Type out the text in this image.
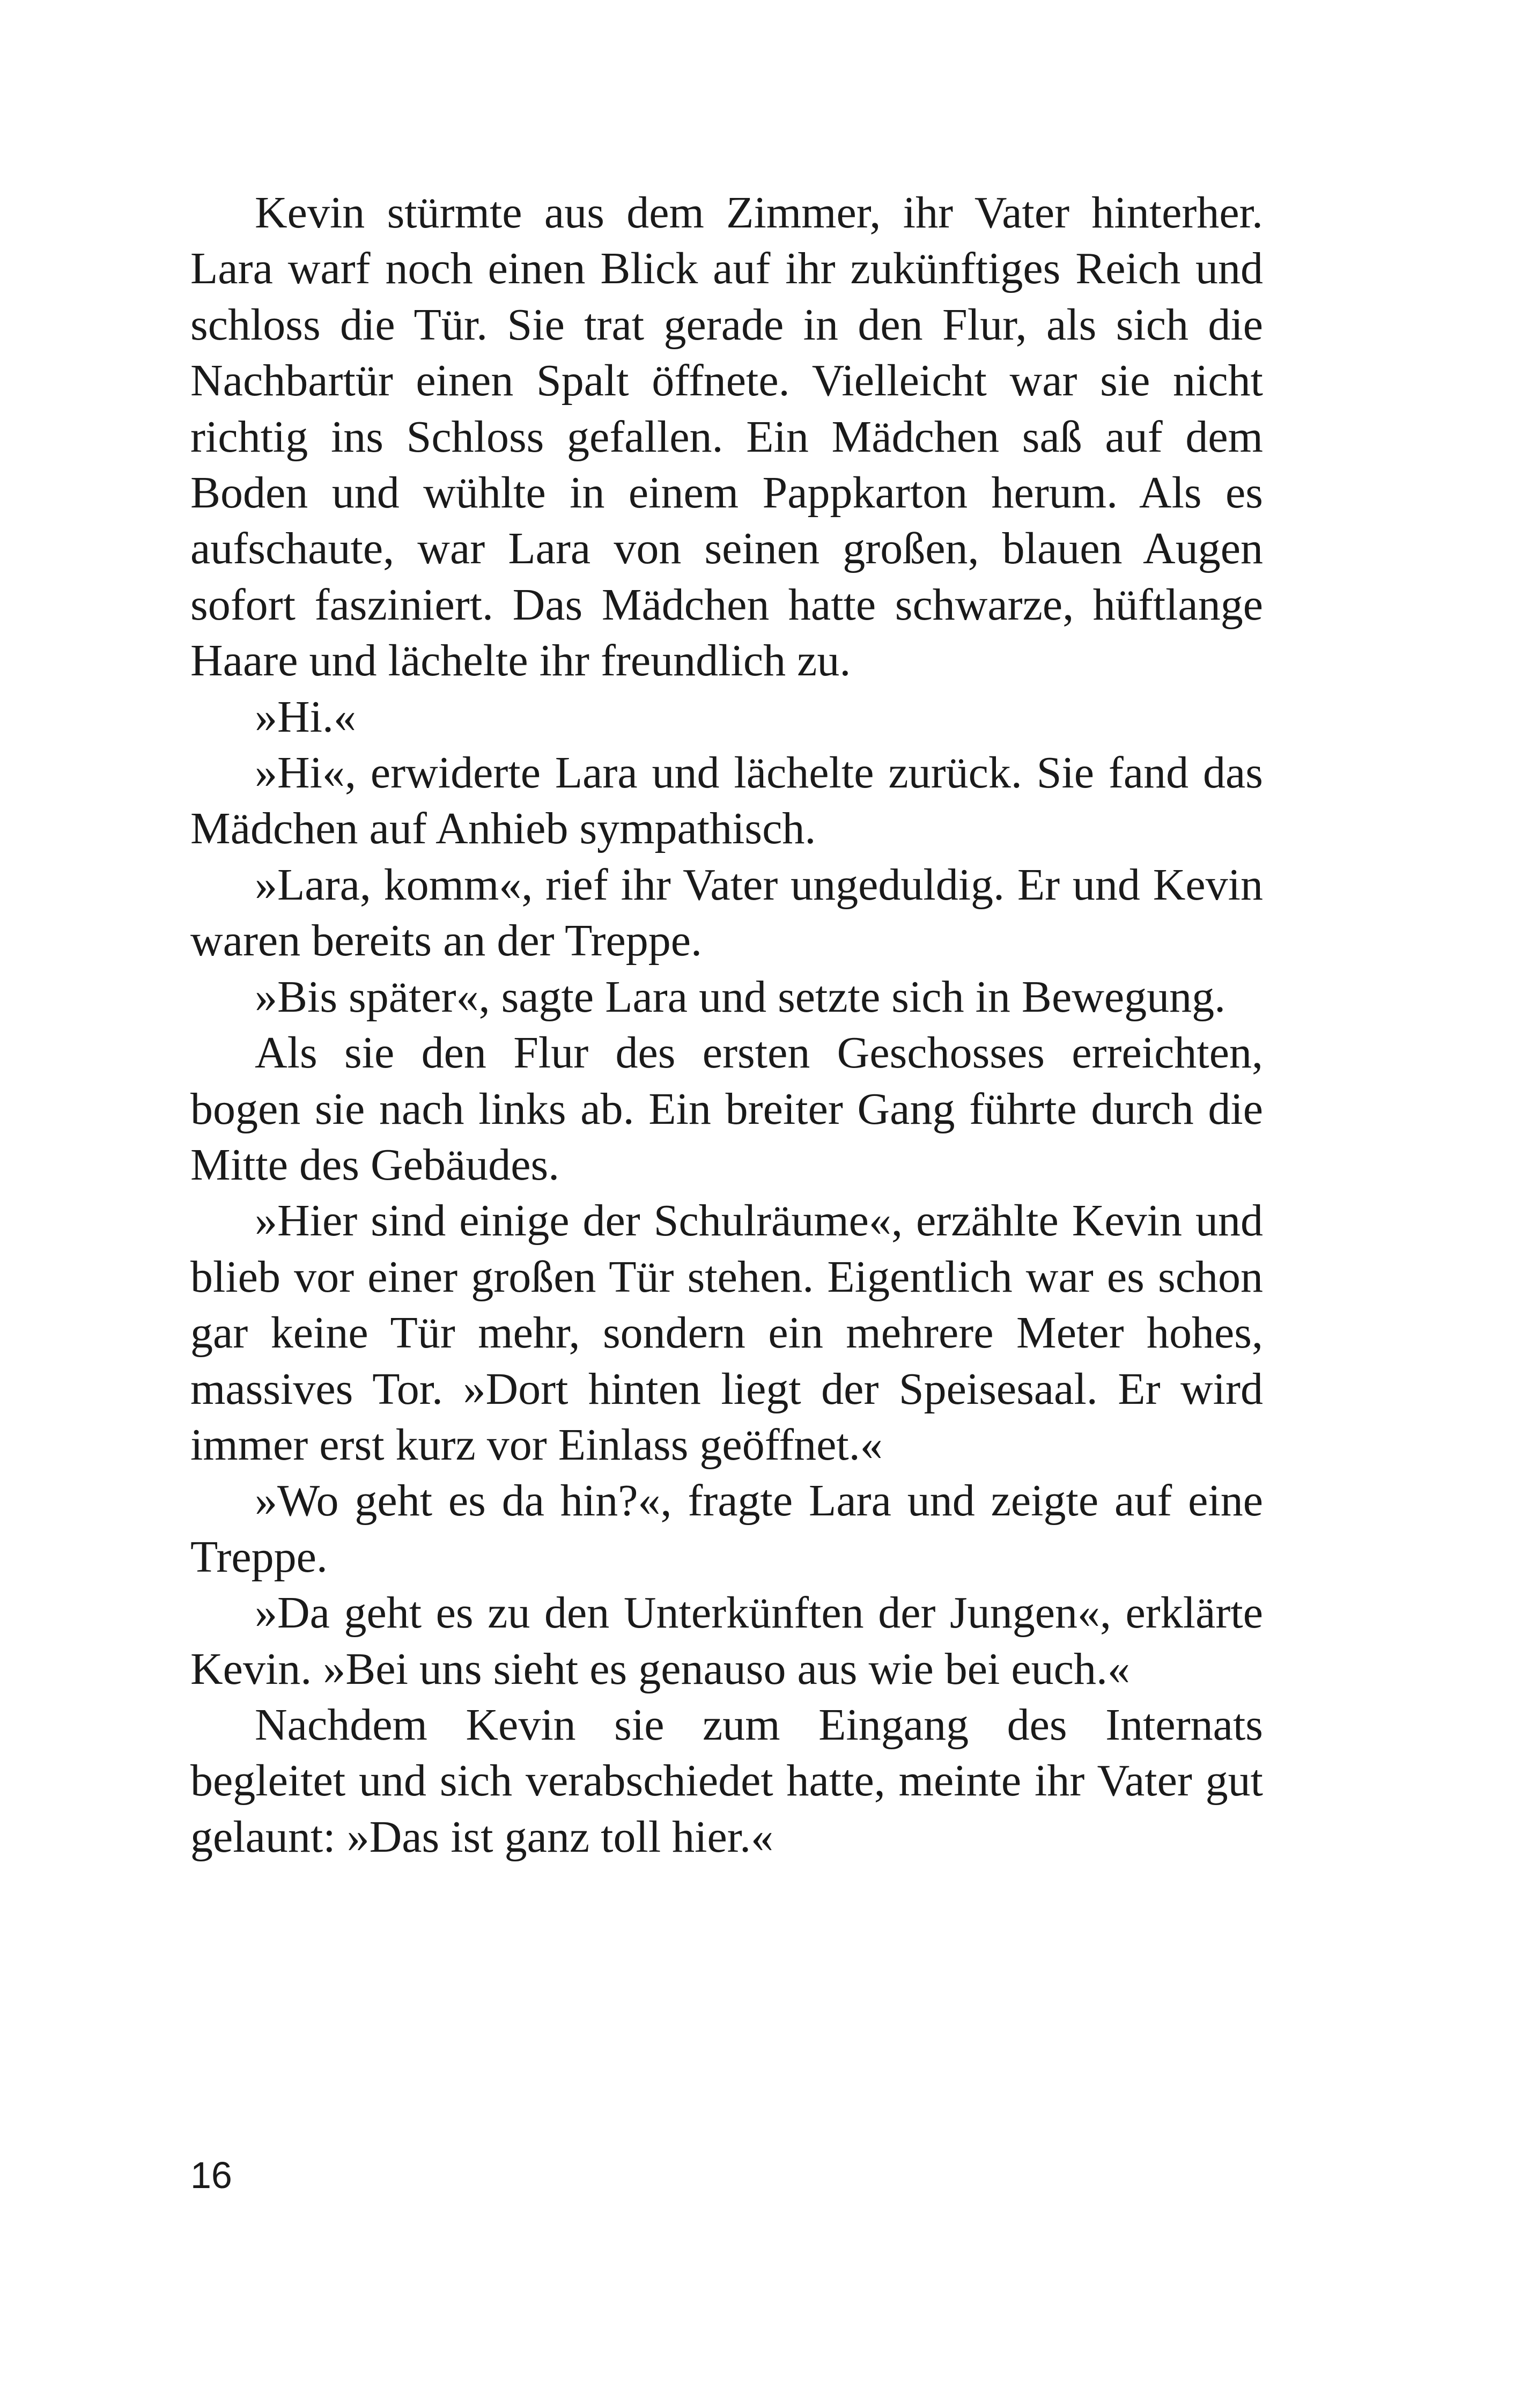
Kevin stürmte aus dem Zimmer, ihr Vater hinterher. Lara warf noch einen Blick auf ihr zukünftiges Reich und schloss die Tür. Sie trat gerade in den Flur, als sich die Nachbartür einen Spalt öffnete. Vielleicht war sie nicht richtig ins Schloss gefallen. Ein Mädchen saß auf dem Boden und wühlte in einem Pappkarton herum. Als es aufschaute, war Lara von seinen großen, blauen Augen sofort fasziniert. Das Mädchen hatte schwarze, hüftlange Haare und lächelte ihr freundlich zu.

»Hi.«

»Hi«, erwiderte Lara und lächelte zurück. Sie fand das Mädchen auf Anhieb sympathisch.

»Lara, komm«, rief ihr Vater ungeduldig. Er und Kevin waren bereits an der Treppe.

»Bis später«, sagte Lara und setzte sich in Bewegung.

Als sie den Flur des ersten Geschosses erreichten, bogen sie nach links ab. Ein breiter Gang führte durch die Mitte des Gebäudes.

»Hier sind einige der Schulräume«, erzählte Kevin und blieb vor einer großen Tür stehen. Eigentlich war es schon gar keine Tür mehr, sondern ein mehrere Meter hohes, massives Tor. »Dort hinten liegt der Speisesaal. Er wird immer erst kurz vor Einlass geöffnet.«

»Wo geht es da hin?«, fragte Lara und zeigte auf eine Treppe.

»Da geht es zu den Unterkünften der Jungen«, erklärte Kevin. »Bei uns sieht es genauso aus wie bei euch.«

Nachdem Kevin sie zum Eingang des Internats begleitet und sich verabschiedet hatte, meinte ihr Vater gut gelaunt: »Das ist ganz toll hier.«

16
